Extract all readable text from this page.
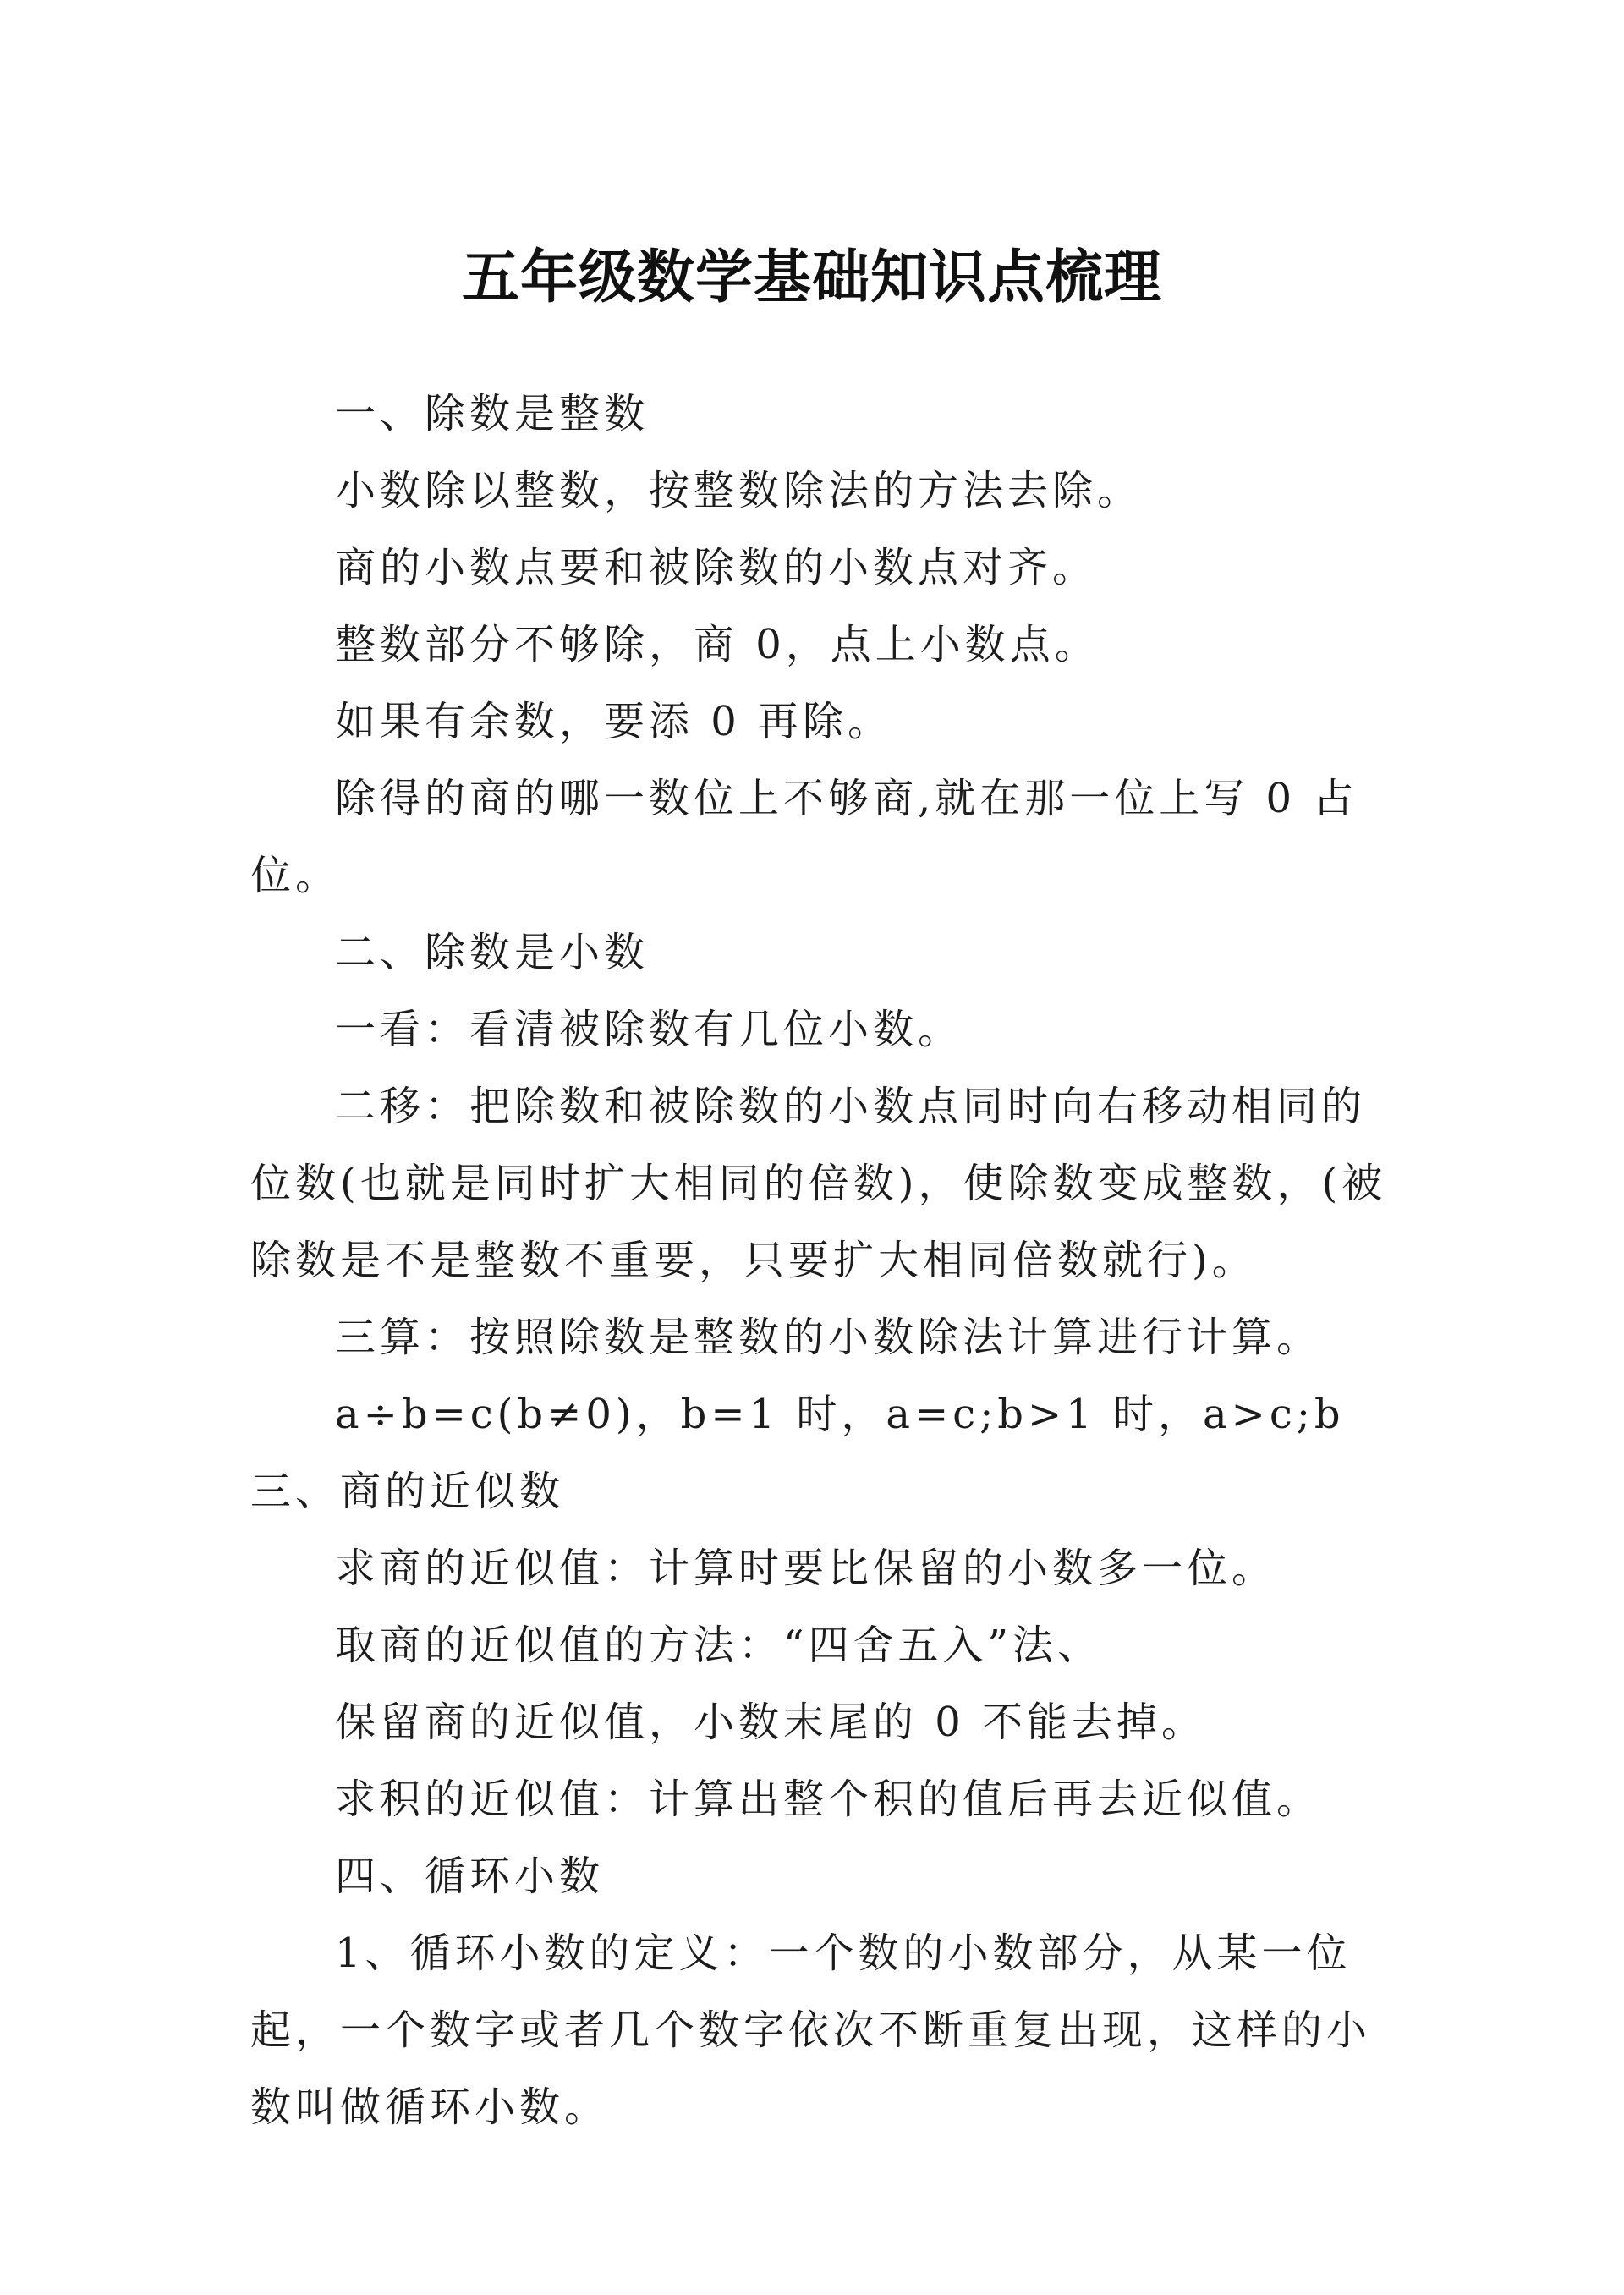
五年级数学基础知识点梳理

一、除数是整数

小数除以整数，按整数除法的方法去除。

商的小数点要和被除数的小数点对齐。

整数部分不够除，商 0，点上小数点。

如果有余数，要添 0 再除。

除得的商的哪一数位上不够商,就在那一位上写 0 占位。

二、除数是小数

一看：看清被除数有几位小数。

二移：把除数和被除数的小数点同时向右移动相同的位数(也就是同时扩大相同的倍数)，使除数变成整数，(被除数是不是整数不重要，只要扩大相同倍数就行)。

三算：按照除数是整数的小数除法计算进行计算。

a÷b=c(b≠0)，b=1 时，a=c;b>1 时，a>c;b　　三、商的近似数

求商的近似值：计算时要比保留的小数多一位。

取商的近似值的方法：“四舍五入”法、

保留商的近似值，小数末尾的 0 不能去掉。

求积的近似值：计算出整个积的值后再去近似值。

四、循环小数

1、循环小数的定义：一个数的小数部分，从某一位起，一个数字或者几个数字依次不断重复出现，这样的小数叫做循环小数。
